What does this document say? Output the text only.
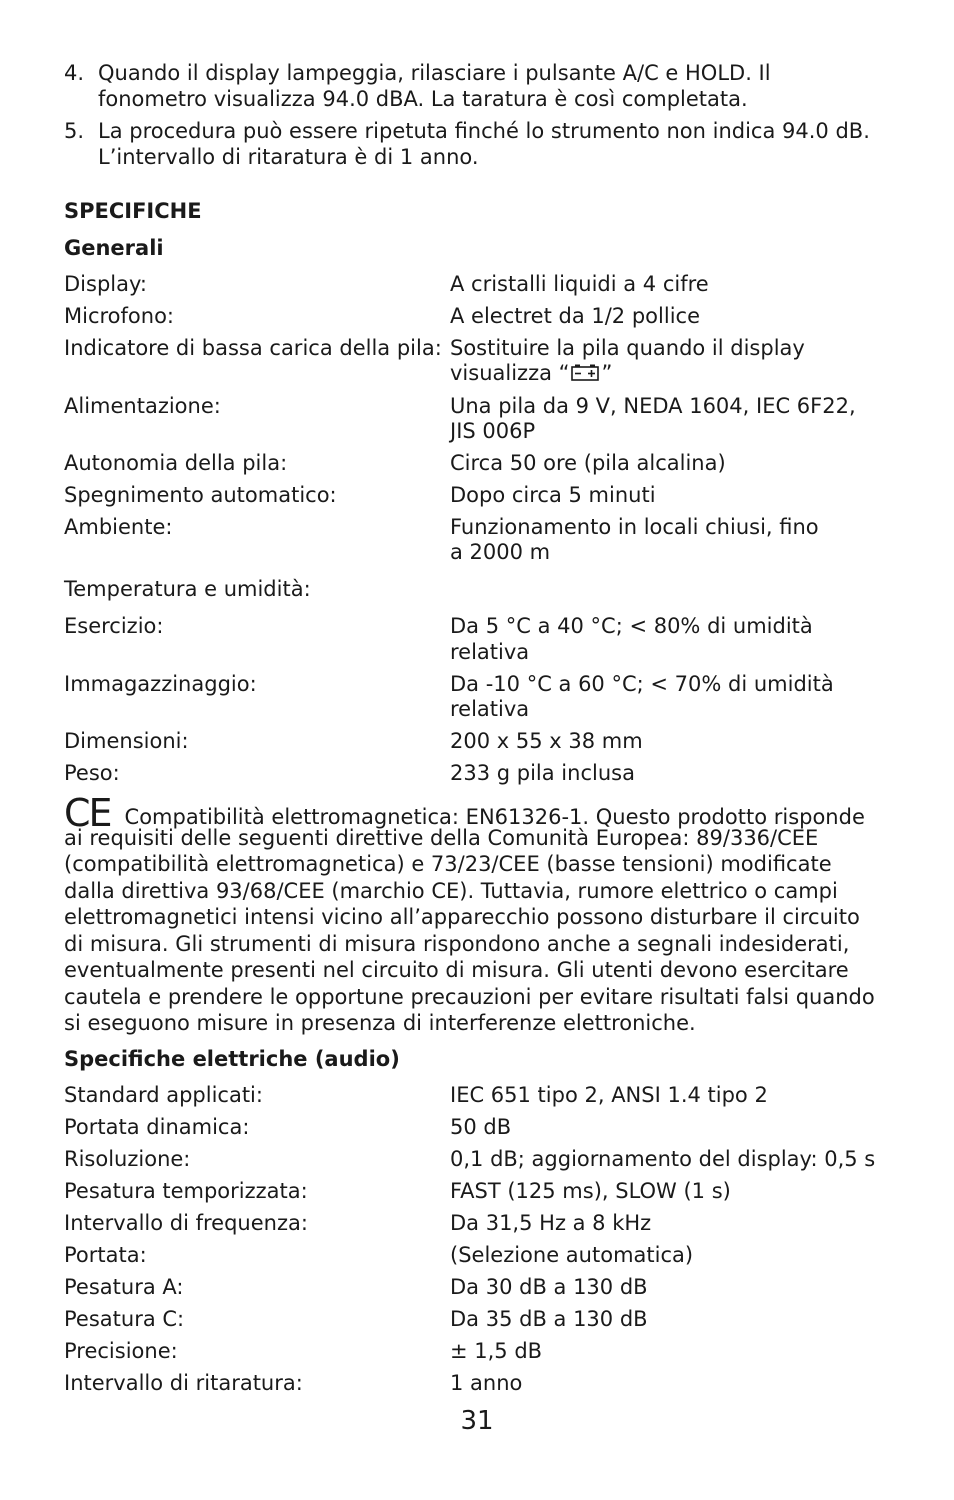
4. Quando il display lampeggia, rilasciare i pulsante A/C e HOLD. Il
fonometro visualizza 94.0 dBA. La taratura è così completata.
5. La procedura può essere ripetuta finché lo strumento non indica 94.0 dB.
L’intervallo di ritaratura è di 1 anno.
SPECIFICHE
Generali
Display:	A cristalli liquidi a 4 cifre
Microfono:	A electret da 1/2 pollice
Indicatore di bassa carica della pila: Sostituire la pila quando il display
visualizza “ ”
Alimentazione:	Una pila da 9 V, NEDA 1604, IEC 6F22,
JIS 006P
Autonomia della pila:	Circa 50 ore (pila alcalina)
Spegnimento automatico:	Dopo circa 5 minuti
Ambiente:	Funzionamento in locali chiusi, fino
a 2000 m
Temperatura e umidità:
Esercizio:	Da 5 °C a 40 °C; < 80% di umidità relativa
Immagazzinaggio:	Da -10 °C a 60 °C; < 70% di umidità
relativa
Dimensioni:	200 x 55 x 38 mm
Peso:	233 g pila inclusa
CE Compatibilità elettromagnetica: EN61326-1. Questo prodotto risponde
ai requisiti delle seguenti direttive della Comunità Europea: 89/336/CEE
(compatibilità elettromagnetica) e 73/23/CEE (basse tensioni) modificate
dalla direttiva 93/68/CEE (marchio CE). Tuttavia, rumore elettrico o campi
elettromagnetici intensi vicino all’apparecchio possono disturbare il circuito
di misura. Gli strumenti di misura rispondono anche a segnali indesiderati,
eventualmente presenti nel circuito di misura. Gli utenti devono esercitare
cautela e prendere le opportune precauzioni per evitare risultati falsi quando
si eseguono misure in presenza di interferenze elettroniche.
Specifiche elettriche (audio)
Standard applicati:	IEC 651 tipo 2, ANSI 1.4 tipo 2
Portata dinamica:	50 dB
Risoluzione:	0,1 dB; aggiornamento del display: 0,5 s
Pesatura temporizzata:	FAST (125 ms), SLOW (1 s)
Intervallo di frequenza:	Da 31,5 Hz a 8 kHz
Portata:	(Selezione automatica)
Pesatura A:	Da 30 dB a 130 dB
Pesatura C:	Da 35 dB a 130 dB
Precisione:	± 1,5 dB
Intervallo di ritaratura:	1 anno
31
